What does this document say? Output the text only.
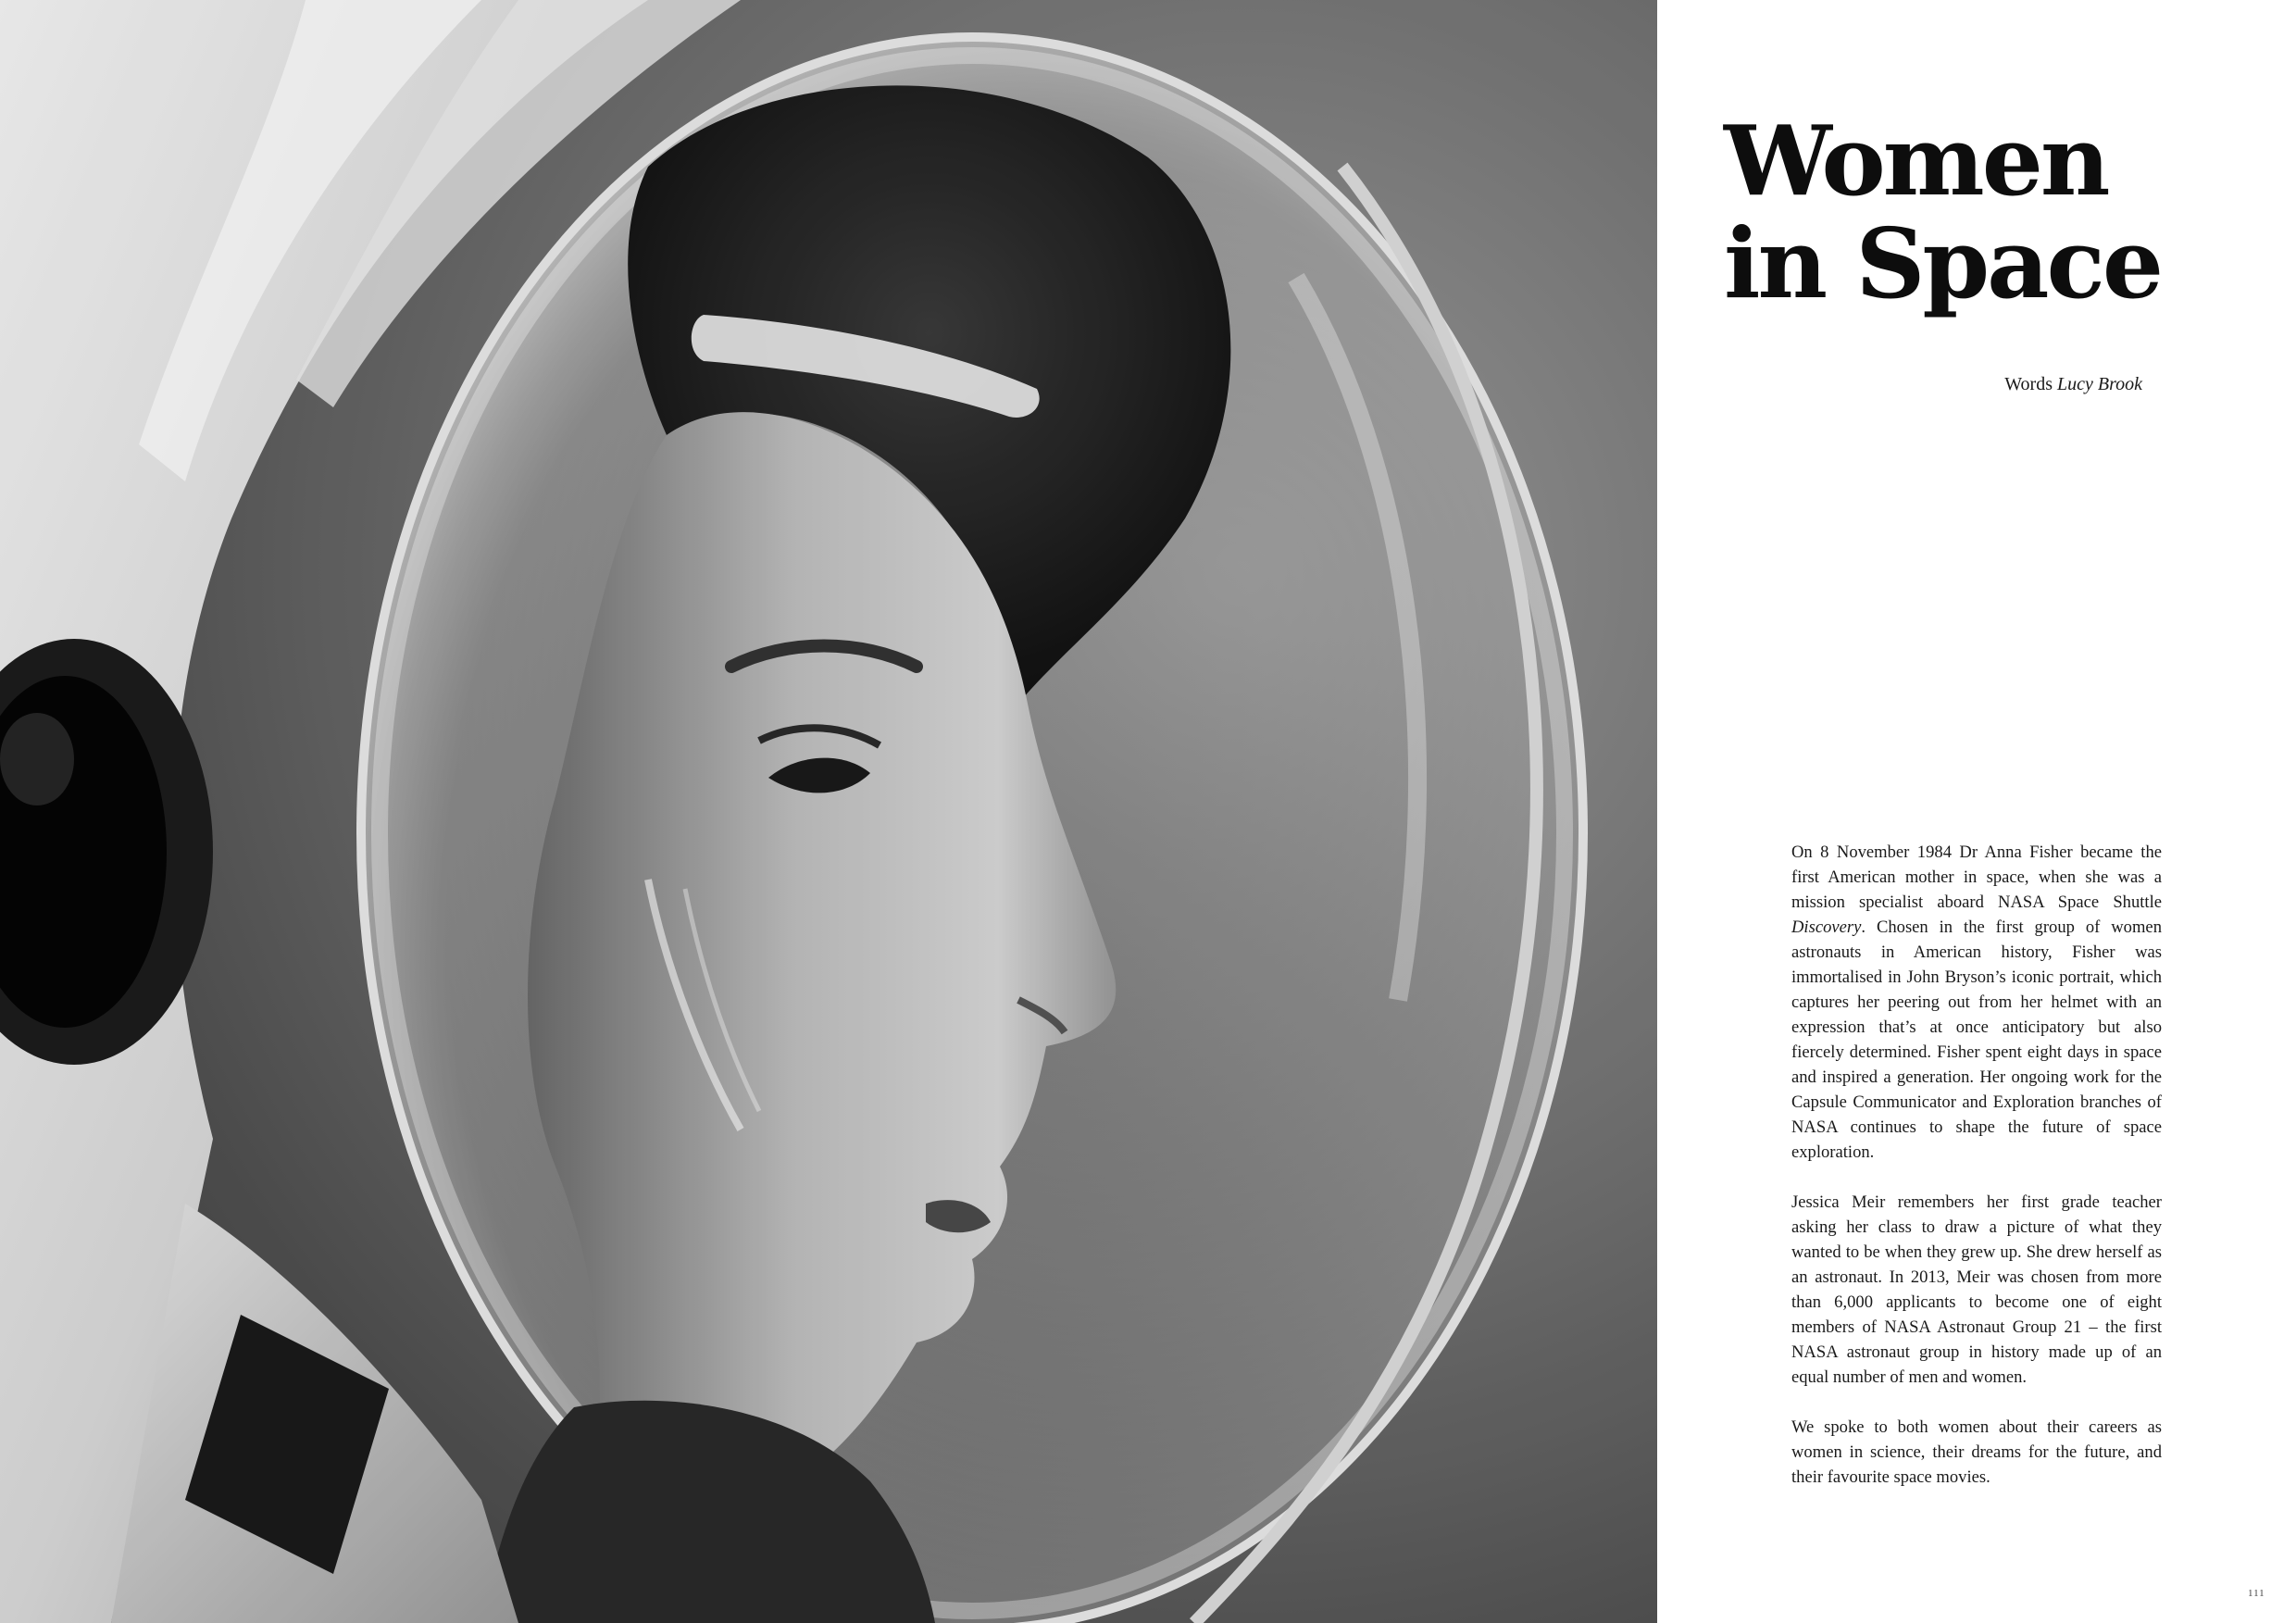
Women
in Space
Words Lucy Brook

On 8 November 1984 Dr Anna Fisher became the first American mother in space, when she was a mission specialist aboard NASA Space Shuttle Discovery. Chosen in the first group of women astronauts in American history, Fisher was immortalised in John Bryson’s iconic portrait, which captures her peering out from her helmet with an expression that’s at once anticipatory but also fiercely determined. Fisher spent eight days in space and inspired a generation. Her ongoing work for the Capsule Communicator and Exploration branches of NASA continues to shape the future of space exploration.

Jessica Meir remembers her first grade teacher asking her class to draw a picture of what they wanted to be when they grew up. She drew herself as an astronaut. In 2013, Meir was chosen from more than 6,000 applicants to become one of eight members of NASA Astronaut Group 21 – the first NASA astronaut group in history made up of an equal number of men and women.

We spoke to both women about their careers as women in science, their dreams for the future, and their favourite space movies.

111
